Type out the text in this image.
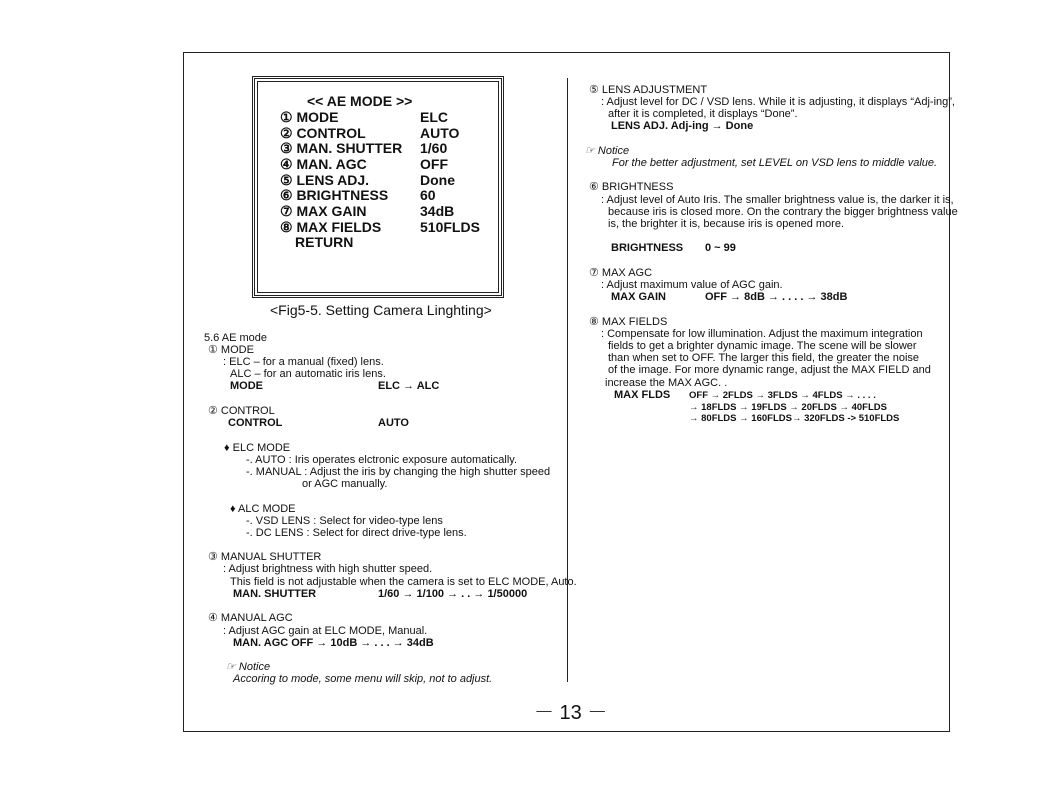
<< AE MODE >>
① MODE	ELC
② CONTROL	AUTO
③ MAN. SHUTTER 1/60
④ MAN. AGC	OFF
⑤ LENS ADJ.	Done
⑥ BRIGHTNESS 60
⑦ MAX GAIN	34dB
⑧ MAX FIELDS	510FLDS
RETURN
<Fig5-5. Setting Camera Linghting>
5.6 AE mode
① MODE
: ELC – for a manual (fixed) lens.
ALC – for an automatic iris lens.
MODE	ELC → ALC
② CONTROL
CONTROL	AUTO
♦ ELC MODE
-. AUTO : Iris operates elctronic exposure automatically.
-. MANUAL : Adjust the iris by changing the high shutter speed
or AGC manually.
♦ ALC MODE
-. VSD LENS : Select for video-type lens
-. DC LENS : Select for direct drive-type lens.
③ MANUAL SHUTTER
: Adjust brightness with high shutter speed.
This field is not adjustable when the camera is set to ELC MODE, Auto.
MAN. SHUTTER	1/60 → 1/100 → . . → 1/50000
④ MANUAL AGC
: Adjust AGC gain at ELC MODE, Manual.
MAN. AGC OFF → 10dB → . . . → 34dB
☞ Notice
Accoring to mode, some menu will skip, not to adjust.
⑤ LENS ADJUSTMENT
: Adjust level for DC / VSD lens. While it is adjusting, it displays “Adj-ing”,
after it is completed, it displays “Done”.
LENS ADJ. Adj-ing → Done
☞ Notice
For the better adjustment, set LEVEL on VSD lens to middle value.
⑥ BRIGHTNESS
: Adjust level of Auto Iris. The smaller brightness value is, the darker it is,
because iris is closed more. On the contrary the bigger brightness value
is, the brighter it is, because iris is opened more.
BRIGHTNESS 0 ~ 99
⑦ MAX AGC
: Adjust maximum value of AGC gain.
MAX GAIN	OFF → 8dB → . . . . → 38dB
⑧ MAX FIELDS
: Compensate for low illumination. Adjust the maximum integration
fields to get a brighter dynamic image. The scene will be slower
than when set to OFF. The larger this field, the greater the noise
of the image. For more dynamic range, adjust the MAX FIELD and
increase the MAX AGC. .
MAX FLDS OFF → 2FLDS → 3FLDS → 4FLDS → . . . .
→ 18FLDS → 19FLDS → 20FLDS → 40FLDS
→ 80FLDS → 160FLDS→ 320FLDS -> 510FLDS
－ 13 －
